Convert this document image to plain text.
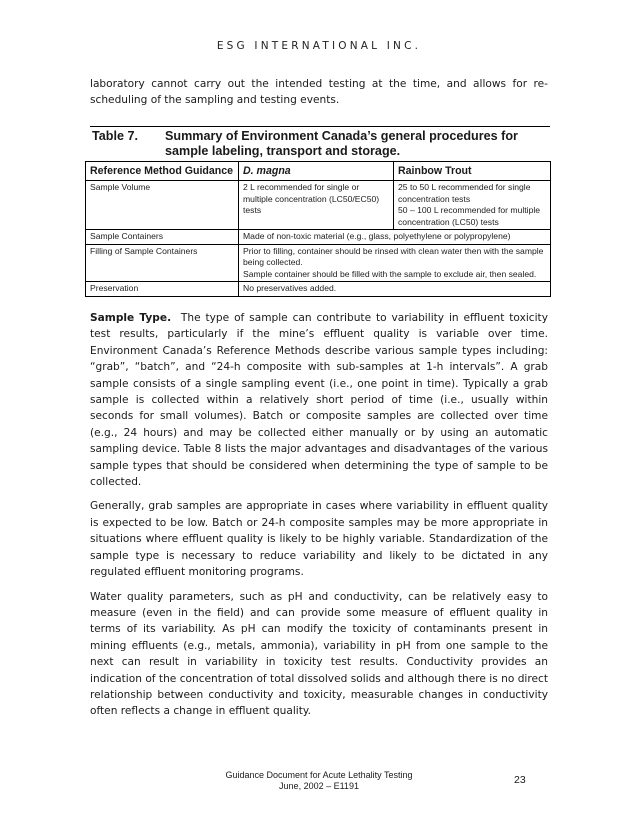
ESG INTERNATIONAL INC.

laboratory cannot carry out the intended testing at the time, and allows for re-scheduling of the sampling and testing events.

Table 7. Summary of Environment Canada’s general procedures for sample labeling, transport and storage.
Reference Method Guidance	D. magna	Rainbow Trout
Sample Volume	2 L recommended for single or multiple concentration (LC50/EC50) tests	25 to 50 L recommended for single concentration tests
50 – 100 L recommended for multiple concentration (LC50) tests

Sample Containers	Made of non-toxic material (e.g., glass, polyethylene or polypropylene)	
Filling of Sample Containers	Prior to filling, container should be rinsed with clean water then with the sample being collected.
Sample container should be filled with the sample to exclude air, then sealed.	

Preservation	No preservatives added.	

Sample Type. The type of sample can contribute to variability in effluent toxicity test results, particularly if the mine’s effluent quality is variable over time. Environment Canada’s Reference Methods describe various sample types including: “grab”, “batch”, and “24-h composite with sub-samples at 1-h intervals”. A grab sample consists of a single sampling event (i.e., one point in time). Typically a grab sample is collected within a relatively short period of time (i.e., usually within seconds for small volumes). Batch or composite samples are collected over time (e.g., 24 hours) and may be collected either manually or by using an automatic sampling device. Table 8 lists the major advantages and disadvantages of the various sample types that should be considered when determining the type of sample to be collected.

Generally, grab samples are appropriate in cases where variability in effluent quality is expected to be low. Batch or 24-h composite samples may be more appropriate in situations where effluent quality is likely to be highly variable. Standardization of the sample type is necessary to reduce variability and likely to be dictated in any regulated effluent monitoring programs.

Water quality parameters, such as pH and conductivity, can be relatively easy to measure (even in the field) and can provide some measure of effluent quality in terms of its variability. As pH can modify the toxicity of contaminants present in mining effluents (e.g., metals, ammonia), variability in pH from one sample to the next can result in variability in toxicity test results. Conductivity provides an indication of the concentration of total dissolved solids and although there is no direct relationship between conductivity and toxicity, measurable changes in conductivity often reflects a change in effluent quality.

Guidance Document for Acute Lethality Testing
June, 2002 – E1191	23
